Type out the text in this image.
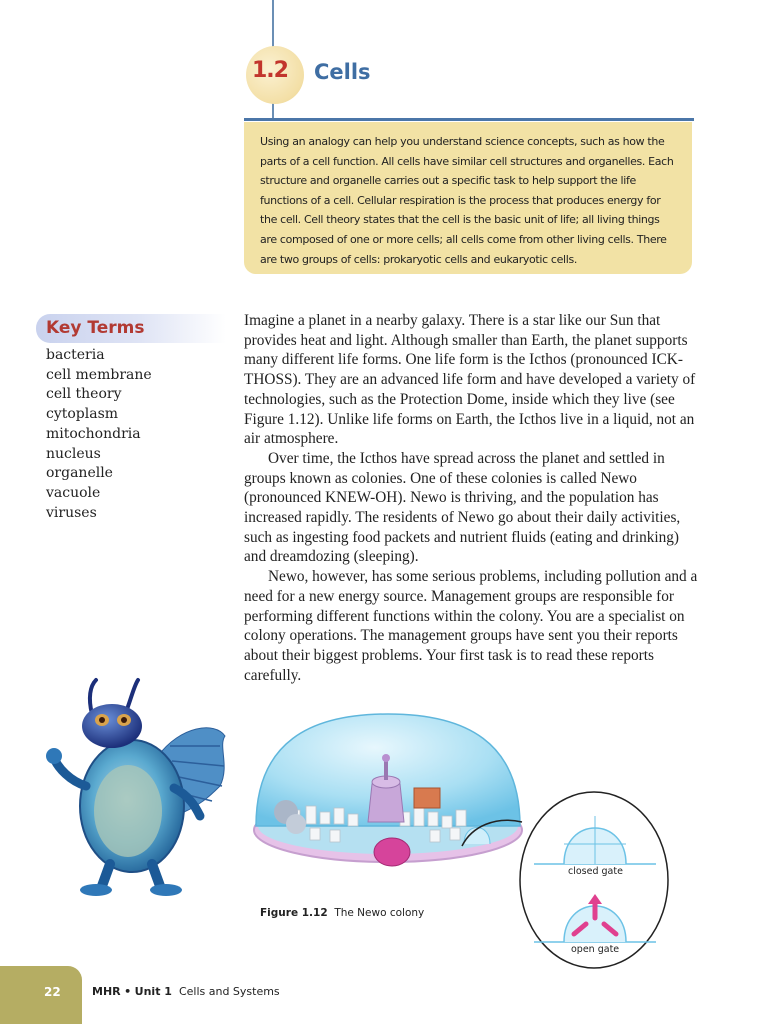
1.2 Cells
Using an analogy can help you understand science concepts, such as how the parts of a cell function. All cells have similar cell structures and organelles. Each structure and organelle carries out a specific task to help support the life functions of a cell. Cellular respiration is the process that produces energy for the cell. Cell theory states that the cell is the basic unit of life; all living things are composed of one or more cells; all cells come from other living cells. There are two groups of cells: prokaryotic cells and eukaryotic cells.
Key Terms
bacteria
cell membrane
cell theory
cytoplasm
mitochondria
nucleus
organelle
vacuole
viruses

Imagine a planet in a nearby galaxy. There is a star like our Sun that provides heat and light. Although smaller than Earth, the planet supports many different life forms. One life form is the Icthos (pronounced ICK-THOSS). They are an advanced life form and have developed a variety of technologies, such as the Protection Dome, inside which they live (see Figure 1.12). Unlike life forms on Earth, the Icthos live in a liquid, not an air atmosphere.

Over time, the Icthos have spread across the planet and settled in groups known as colonies. One of these colonies is called Newo (pronounced KNEW-OH). Newo is thriving, and the population has increased rapidly. The residents of Newo go about their daily activities, such as ingesting food packets and nutrient fluids (eating and drinking) and dreamdozing (sleeping).

Newo, however, has some serious problems, including pollution and a need for a new energy source. Management groups are responsible for performing different functions within the colony. You are a specialist on colony operations. The management groups have sent you their reports about their biggest problems. Your first task is to read these reports carefully.

closed gate
open gate
Figure 1.12 The Newo colony
22	MHR • Unit 1 Cells and Systems
